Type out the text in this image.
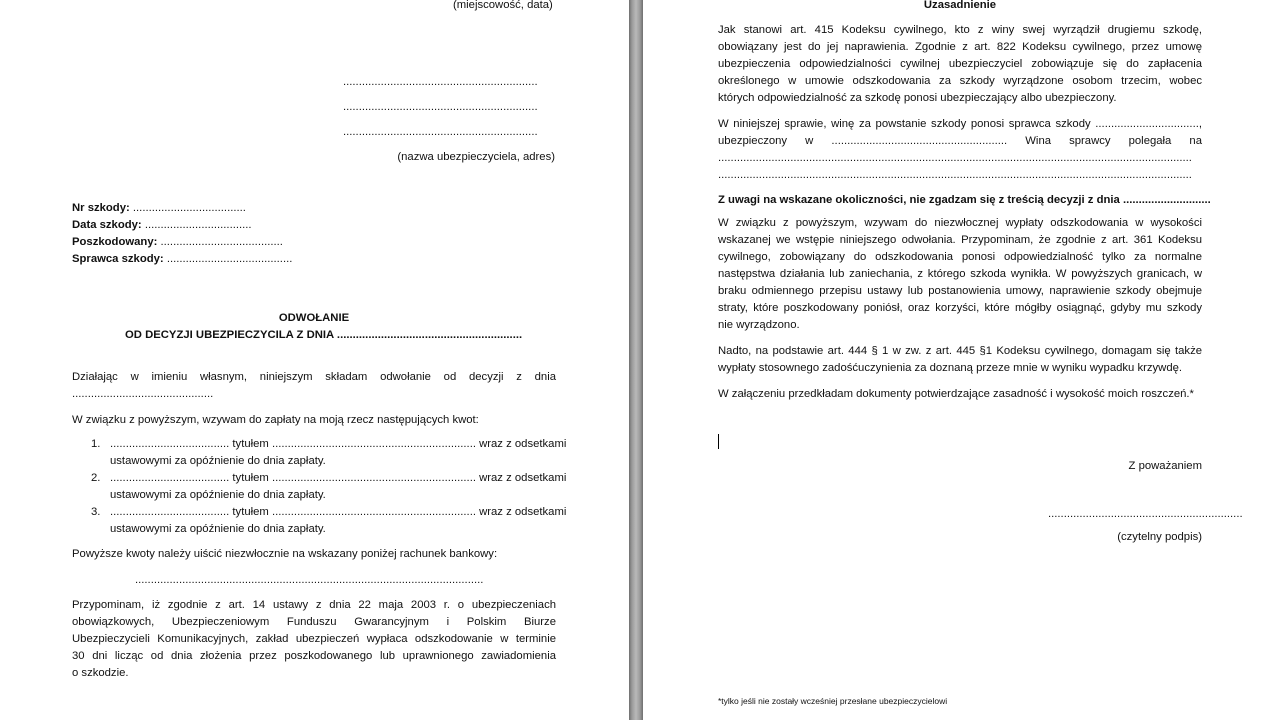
(miejscowość, data)
..............................................................
..............................................................
..............................................................
(nazwa ubezpieczyciela, adres)
Nr szkody: ....................................
Data szkody: ..................................
Poszkodowany: .......................................
Sprawca szkody: ........................................
ODWOŁANIE
OD DECYZJI UBEZPIECZYCILA Z DNIA ...........................................................
Działając w imieniu własnym, niniejszym składam odwołanie od decyzji z dnia
.............................................
W związku z powyższym, wzywam do zapłaty na moją rzecz następujących kwot:
1. ...................................... tytułem ................................................................. wraz z odsetkami
ustawowymi za opóźnienie do dnia zapłaty.
2. ...................................... tytułem ................................................................. wraz z odsetkami
ustawowymi za opóźnienie do dnia zapłaty.
3. ...................................... tytułem ................................................................. wraz z odsetkami
ustawowymi za opóźnienie do dnia zapłaty.
Powyższe kwoty należy uiścić niezwłocznie na wskazany poniżej rachunek bankowy:
...............................................................................................................
Przypominam, iż zgodnie z art. 14 ustawy z dnia 22 maja 2003 r. o ubezpieczeniach
obowiązkowych, Ubezpieczeniowym Funduszu Gwarancyjnym i Polskim Biurze
Ubezpieczycieli Komunikacyjnych, zakład ubezpieczeń wypłaca odszkodowanie w terminie
30 dni licząc od dnia złożenia przez poszkodowanego lub uprawnionego zawiadomienia
o szkodzie.
Uzasadnienie
Jak stanowi art. 415 Kodeksu cywilnego, kto z winy swej wyrządził drugiemu szkodę,
obowiązany jest do jej naprawienia. Zgodnie z art. 822 Kodeksu cywilnego, przez umowę
ubezpieczenia odpowiedzialności cywilnej ubezpieczyciel zobowiązuje się do zapłacenia
określonego w umowie odszkodowania za szkody wyrządzone osobom trzecim, wobec
których odpowiedzialność za szkodę ponosi ubezpieczający albo ubezpieczony.
W niniejszej sprawie, winę za powstanie szkody ponosi sprawca szkody .................................,
ubezpieczony w ........................................................ Wina sprawcy polegała na
.......................................................................................................................................................
.......................................................................................................................................................
Z uwagi na wskazane okoliczności, nie zgadzam się z treścią decyzji z dnia ............................
W związku z powyższym, wzywam do niezwłocznej wypłaty odszkodowania w wysokości
wskazanej we wstępie niniejszego odwołania. Przypominam, że zgodnie z art. 361 Kodeksu
cywilnego, zobowiązany do odszkodowania ponosi odpowiedzialność tylko za normalne
następstwa działania lub zaniechania, z którego szkoda wynikła. W powyższych granicach, w
braku odmiennego przepisu ustawy lub postanowienia umowy, naprawienie szkody obejmuje
straty, które poszkodowany poniósł, oraz korzyści, które mógłby osiągnąć, gdyby mu szkody
nie wyrządzono.
Nadto, na podstawie art. 444 § 1 w zw. z art. 445 §1 Kodeksu cywilnego, domagam się także
wypłaty stosownego zadośćuczynienia za doznaną przeze mnie w wyniku wypadku krzywdę.
W załączeniu przedkładam dokumenty potwierdzające zasadność i wysokość moich roszczeń.*
Z poważaniem
..............................................................
(czytelny podpis)
*tylko jeśli nie zostały wcześniej przesłane ubezpieczycielowi
